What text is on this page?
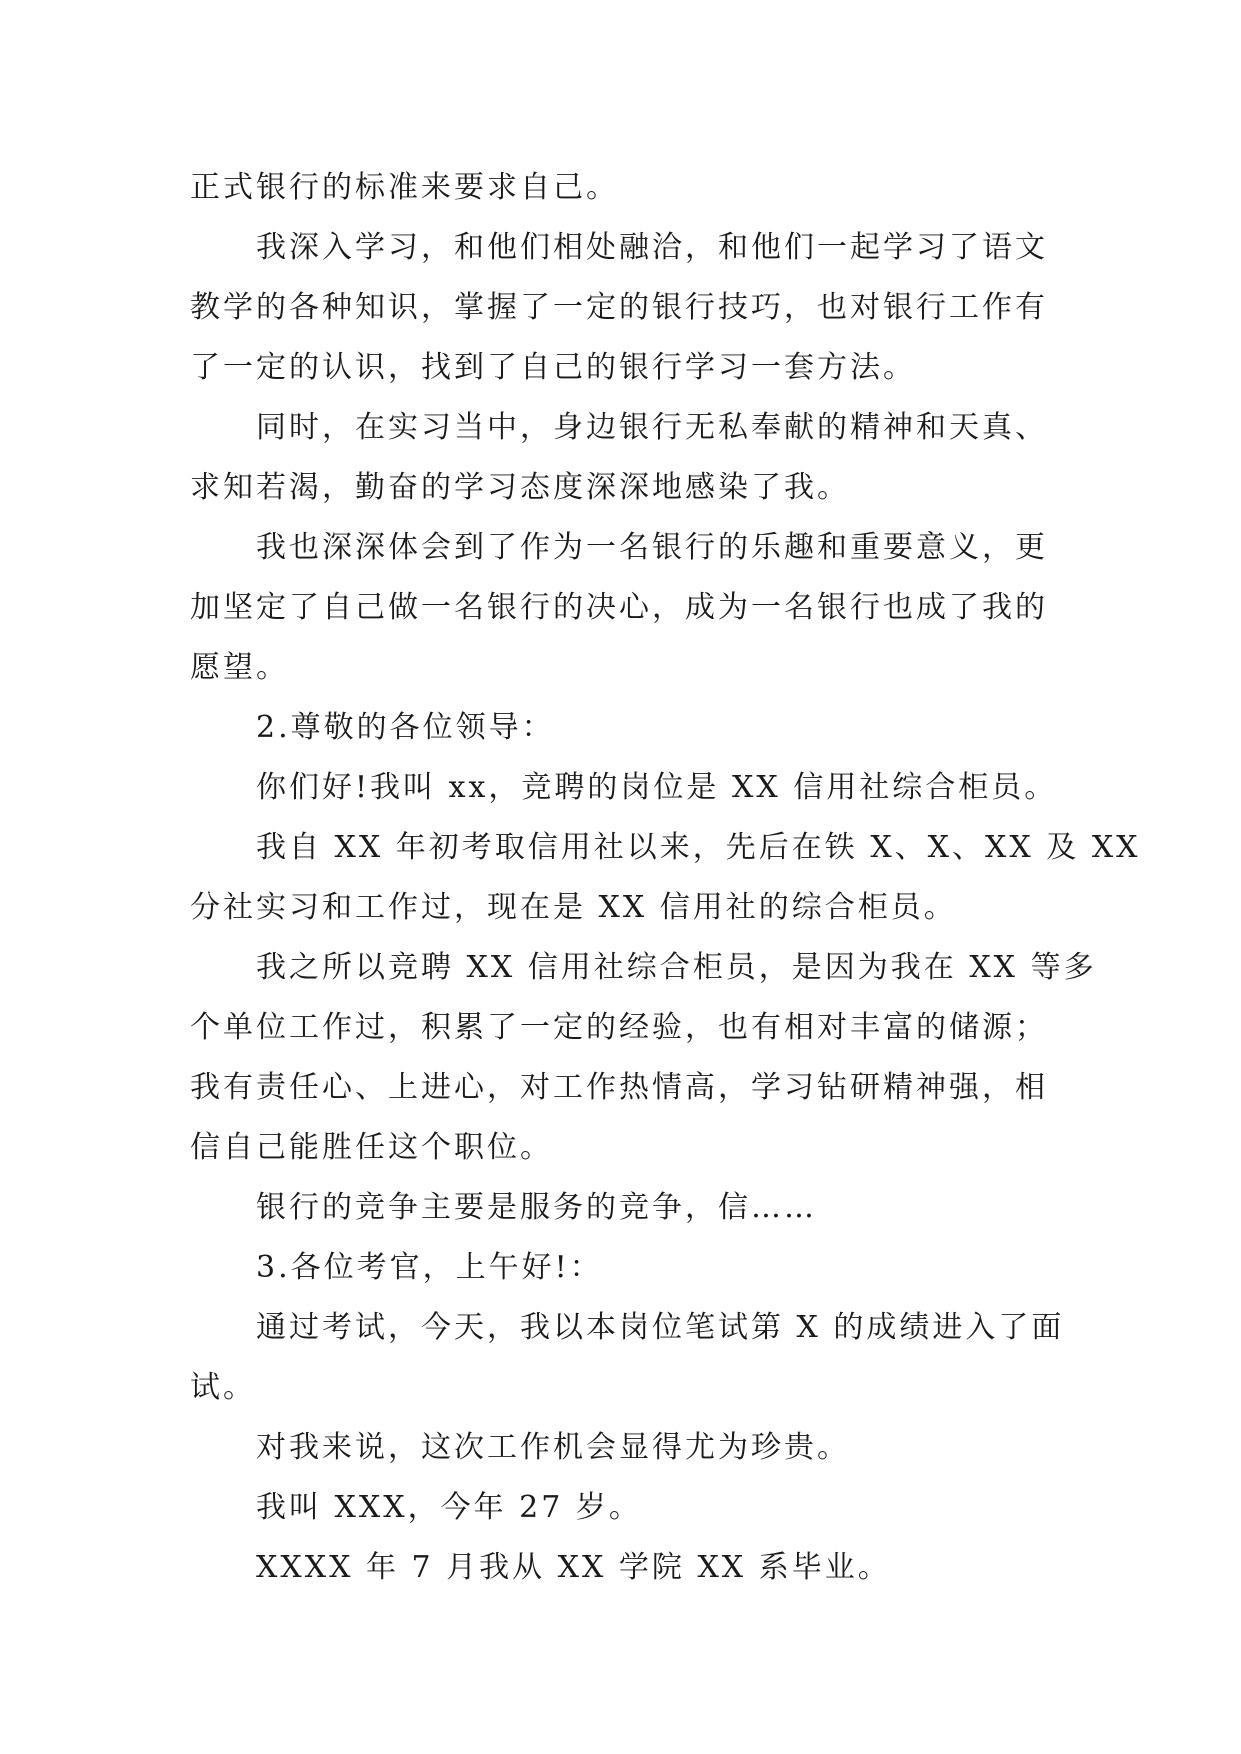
正式银行的标准来要求自己。

我深入学习，和他们相处融洽，和他们一起学习了语文
教学的各种知识，掌握了一定的银行技巧，也对银行工作有
了一定的认识，找到了自己的银行学习一套方法。

同时，在实习当中，身边银行无私奉献的精神和天真、
求知若渴，勤奋的学习态度深深地感染了我。

我也深深体会到了作为一名银行的乐趣和重要意义，更
加坚定了自己做一名银行的决心，成为一名银行也成了我的
愿望。

2.尊敬的各位领导：

你们好!我叫 xx，竞聘的岗位是 XX 信用社综合柜员。

我自 XX 年初考取信用社以来，先后在铁 X、X、XX 及 XX
分社实习和工作过，现在是 XX 信用社的综合柜员。

我之所以竞聘 XX 信用社综合柜员，是因为我在 XX 等多
个单位工作过，积累了一定的经验，也有相对丰富的储源；
我有责任心、上进心，对工作热情高，学习钻研精神强，相
信自己能胜任这个职位。

银行的竞争主要是服务的竞争，信……

3.各位考官，上午好!：

通过考试，今天，我以本岗位笔试第 X 的成绩进入了面
试。

对我来说，这次工作机会显得尤为珍贵。

我叫 XXX，今年 27 岁。

XXXX 年 7 月我从 XX 学院 XX 系毕业。
